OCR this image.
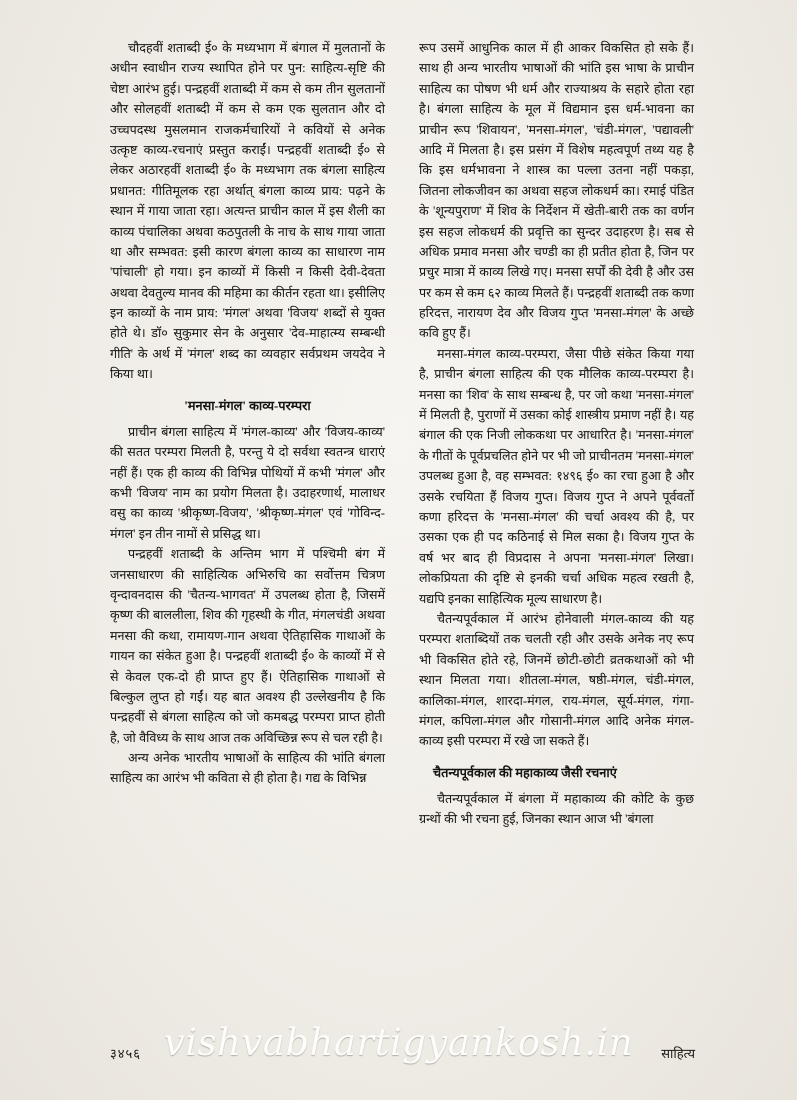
चौदहवीं शताब्दी ई० के मध्यभाग में बंगाल में मुलतानों के अधीन स्वाधीन राज्य स्थापित होने पर पुन: साहित्य-सृष्टि की चेष्टा आरंभ हुई। पन्द्रहवीं शताब्दी में कम से कम तीन सुलतानों और सोलहवीं शताब्दी में कम से कम एक सुलतान और दो उच्चपदस्थ मुसलमान राजकर्मचारियों ने कवियों से अनेक उत्कृष्ट काव्य-रचनाएं प्रस्तुत कराईं। पन्द्रहवीं शताब्दी ई० से लेकर अठारहवीं शताब्दी ई० के मध्यभाग तक बंगला साहित्य प्रधानत: गीतिमूलक रहा अर्थात् बंगला काव्य प्राय: पढ़ने के स्थान में गाया जाता रहा। अत्यन्त प्राचीन काल में इस शैली का काव्य पंचालिका अथवा कठपुतली के नाच के साथ गाया जाता था और सम्भवत: इसी कारण बंगला काव्य का साधारण नाम 'पांचाली' हो गया। इन काव्यों में किसी न किसी देवी-देवता अथवा देवतुल्य मानव की महिमा का कीर्तन रहता था। इसीलिए इन काव्यों के नाम प्राय: 'मंगल' अथवा 'विजय' शब्दों से युक्त होते थे। डॉ० सुकुमार सेन के अनुसार 'देव-माहात्म्य सम्बन्धी गीति' के अर्थ में 'मंगल' शब्द का व्यवहार सर्वप्रथम जयदेव ने किया था।

'मनसा-मंगल' काव्य-परम्परा

प्राचीन बंगला साहित्य में 'मंगल-काव्य' और 'विजय-काव्य' की सतत परम्परा मिलती है, परन्तु ये दो सर्वथा स्वतन्त्र धाराएं नहीं हैं। एक ही काव्य की विभिन्न पोथियों में कभी 'मंगल' और कभी 'विजय' नाम का प्रयोग मिलता है। उदाहरणार्थ, मालाधर वसु का काव्य 'श्रीकृष्ण-विजय', 'श्रीकृष्ण-मंगल' एवं 'गोविन्द-मंगल' इन तीन नामों से प्रसिद्ध था।

पन्द्रहवीं शताब्दी के अन्तिम भाग में पश्चिमी बंग में जनसाधारण की साहित्यिक अभिरुचि का सर्वोत्तम चित्रण वृन्दावनदास की 'चैतन्य-भागवत' में उपलब्ध होता है, जिसमें कृष्ण की बाललीला, शिव की गृहस्थी के गीत, मंगलचंडी अथवा मनसा की कथा, रामायण-गान अथवा ऐतिहासिक गाथाओं के गायन का संकेत हुआ है। पन्द्रहवीं शताब्दी ई० के काव्यों में से से केवल एक-दो ही प्राप्त हुए हैं। ऐतिहासिक गाथाओं से बिल्कुल लुप्त हो गईं। यह बात अवश्य ही उल्लेखनीय है कि पन्द्रहवीं से बंगला साहित्य को जो कमबद्ध परम्परा प्राप्त होती है, जो वैविध्य के साथ आज तक अविच्छिन्न रूप से चल रही है।

अन्य अनेक भारतीय भाषाओं के साहित्य की भांति बंगला साहित्य का आरंभ भी कविता से ही होता है। गद्य के विभिन्न

रूप उसमें आधुनिक काल में ही आकर विकसित हो सके हैं। साथ ही अन्य भारतीय भाषाओं की भांति इस भाषा के प्राचीन साहित्य का पोषण भी धर्म और राज्याश्रय के सहारे होता रहा है। बंगला साहित्य के मूल में विद्यमान इस धर्म-भावना का प्राचीन रूप 'शिवायन', 'मनसा-मंगल', 'चंडी-मंगल', 'पद्यावली' आदि में मिलता है। इस प्रसंग में विशेष महत्वपूर्ण तथ्य यह है कि इस धर्मभावना ने शास्त्र का पल्ला उतना नहीं पकड़ा, जितना लोकजीवन का अथवा सहज लोकधर्म का। रमाई पंडित के 'शून्यपुराण' में शिव के निर्देशन में खेती-बारी तक का वर्णन इस सहज लोकधर्म की प्रवृत्ति का सुन्दर उदाहरण है। सब से अधिक प्रमाव मनसा और चण्डी का ही प्रतीत होता है, जिन पर प्रचुर मात्रा में काव्य लिखे गए। मनसा सर्पों की देवी है और उस पर कम से कम ६२ काव्य मिलते हैं। पन्द्रहवीं शताब्दी तक कणा हरिदत्त, नारायण देव और विजय गुप्त 'मनसा-मंगल' के अच्छे कवि हुए हैं।

मनसा-मंगल काव्य-परम्परा, जैसा पीछे संकेत किया गया है, प्राचीन बंगला साहित्य की एक मौलिक काव्य-परम्परा है। मनसा का 'शिव' के साथ सम्बन्ध है, पर जो कथा 'मनसा-मंगल' में मिलती है, पुराणों में उसका कोई शास्त्रीय प्रमाण नहीं है। यह बंगाल की एक निजी लोककथा पर आधारित है। 'मनसा-मंगल' के गीतों के पूर्वप्रचलित होने पर भी जो प्राचीनतम 'मनसा-मंगल' उपलब्ध हुआ है, वह सम्भवत: १४९६ ई० का रचा हुआ है और उसके रचयिता हैं विजय गुप्त। विजय गुप्त ने अपने पूर्ववर्तो कणा हरिदत्त के 'मनसा-मंगल' की चर्चा अवश्य की है, पर उसका एक ही पद कठिनाई से मिल सका है। विजय गुप्त के वर्ष भर बाद ही विप्रदास ने अपना 'मनसा-मंगल' लिखा। लोकप्रियता की दृष्टि से इनकी चर्चा अधिक महत्व रखती है, यद्यपि इनका साहित्यिक मूल्य साधारण है।

चैतन्यपूर्वकाल में आरंभ होनेवाली मंगल-काव्य की यह परम्परा शताब्दियों तक चलती रही और उसके अनेक नए रूप भी विकसित होते रहे, जिनमें छोटी-छोटी व्रतकथाओं को भी स्थान मिलता गया। शीतला-मंगल, षष्ठी-मंगल, चंडी-मंगल, कालिका-मंगल, शारदा-मंगल, राय-मंगल, सूर्य-मंगल, गंगा-मंगल, कपिला-मंगल और गोसानी-मंगल आदि अनेक मंगल-काव्य इसी परम्परा में रखे जा सकते हैं।

चैतन्यपूर्वकाल की महाकाव्य जैसी रचनाएं

चैतन्यपूर्वकाल में बंगला में महाकाव्य की कोटि के कुछ ग्रन्थों की भी रचना हुई, जिनका स्थान आज भी 'बंगला

३४५६	साहित्य
vishvabhartigyankosh.in
